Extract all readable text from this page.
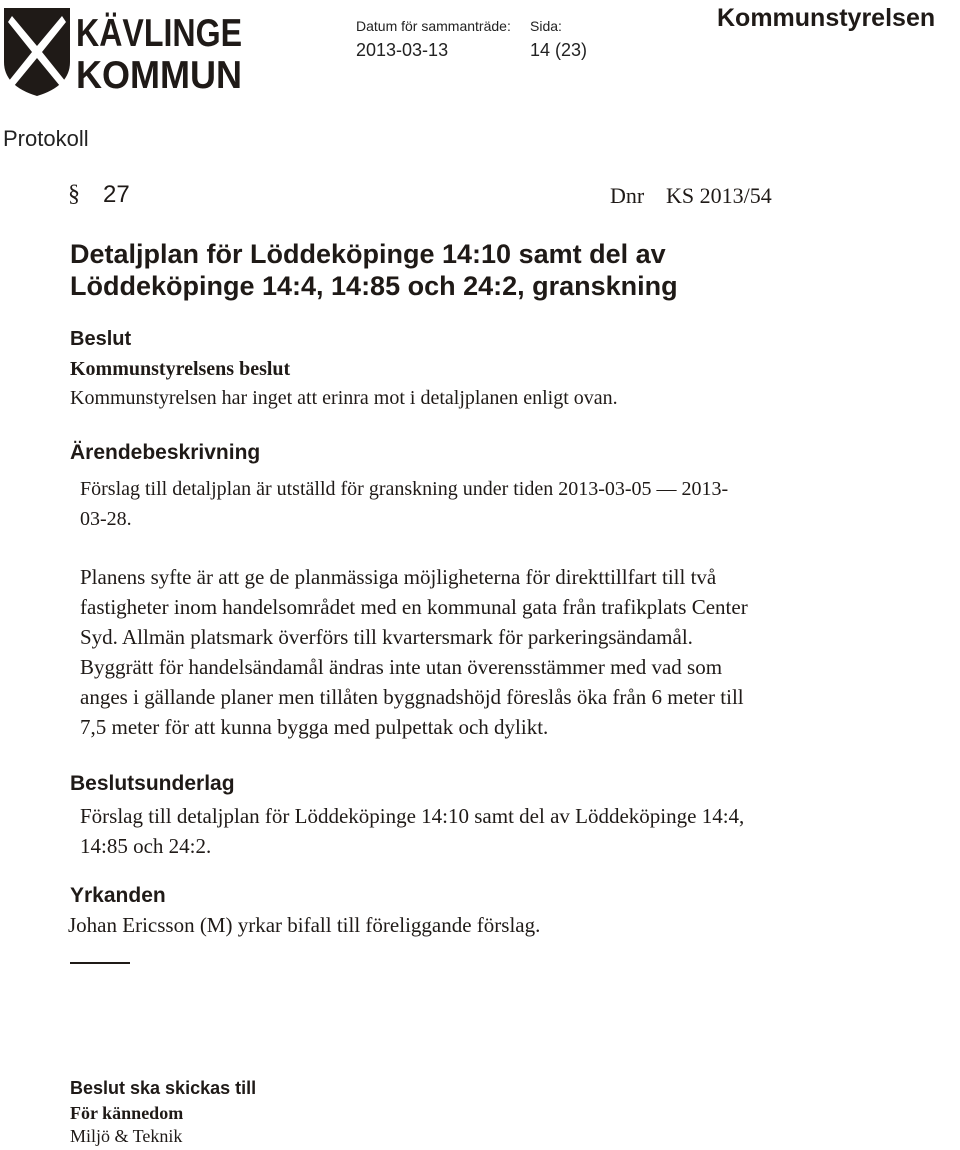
KÄVLINGE
KOMMUN
Datum för sammanträde: Sida:
2013-03-13	14 (23)
Kommunstyrelsen
Protokoll
§ 27	Dnr KS 2013/54
Detaljplan för Löddeköpinge 14:10 samt del av
Löddeköpinge 14:4, 14:85 och 24:2, granskning
Beslut
Kommunstyrelsens beslut
Kommunstyrelsen har inget att erinra mot i detaljplanen enligt ovan.
Ärendebeskrivning
Förslag till detaljplan är utställd för granskning under tiden 2013-03-05 — 2013-
03-28.
Planens syfte är att ge de planmässiga möjligheterna för direkttillfart till två
fastigheter inom handelsområdet med en kommunal gata från trafikplats Center
Syd. Allmän platsmark överförs till kvartersmark för parkeringsändamål.
Byggrätt för handelsändamål ändras inte utan överensstämmer med vad som
anges i gällande planer men tillåten byggnadshöjd föreslås öka från 6 meter till
7,5 meter för att kunna bygga med pulpettak och dylikt.
Beslutsunderlag
Förslag till detaljplan för Löddeköpinge 14:10 samt del av Löddeköpinge 14:4,
14:85 och 24:2.
Yrkanden
Johan Ericsson (M) yrkar bifall till föreliggande förslag.
Beslut ska skickas till
För kännedom
Miljö & Teknik
